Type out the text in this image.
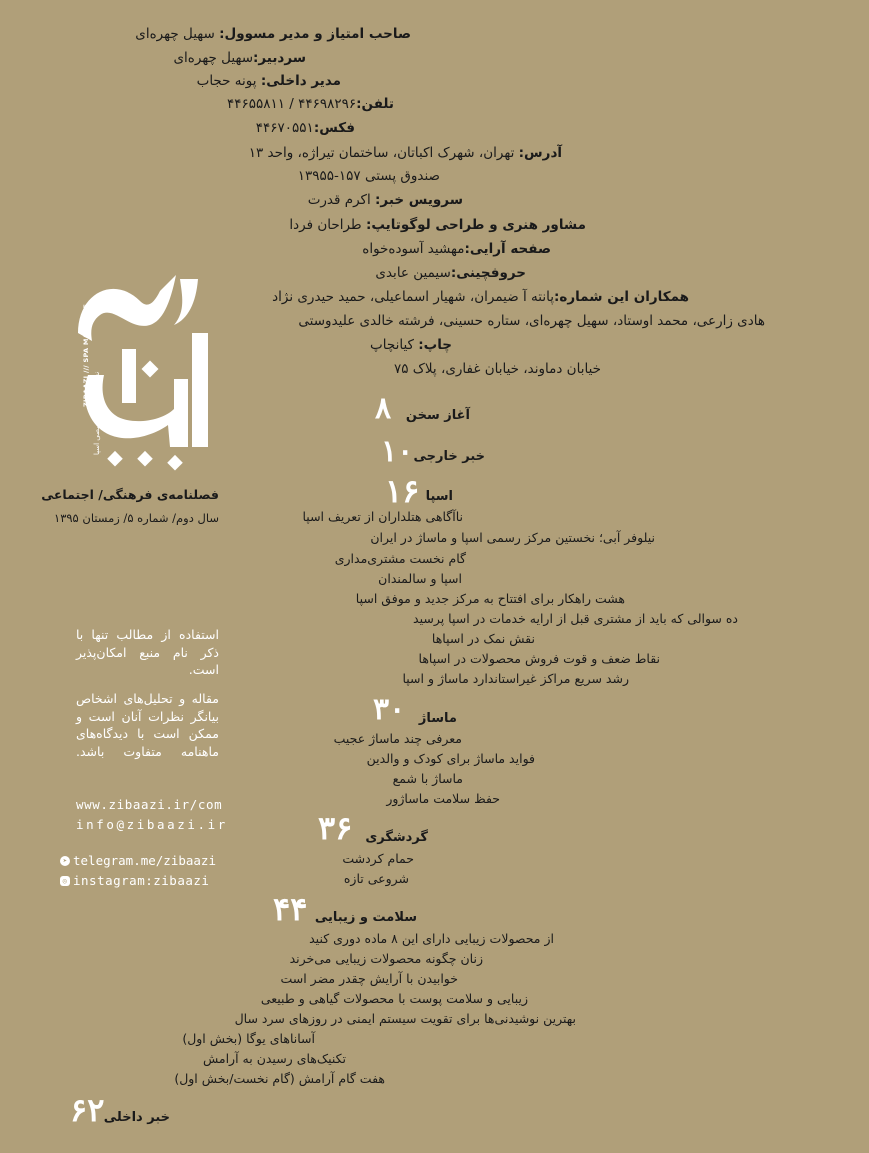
صاحب امتیاز و مدیر مسوول: سهیل چهره‌ای
سردبیر:سهیل چهره‌ای
مدیر داخلی: پونه حجاب
تلفن:۴۴۶۹۸۲۹۶ / ۴۴۶۵۵۸۱۱
فکس:۴۴۶۷۰۵۵۱
آدرس: تهران، شهرک اکباتان، ساختمان تیراژه، واحد ۱۳
صندوق پستی ۱۵۷-۱۳۹۵۵
سرویس خبر: اکرم قدرت
مشاور هنری و طراحی لوگوتایپ: طراحان فردا
صفحه آرایی:مهشید آسوده‌خواه
حروفچینی:سیمین عابدی
همکاران این شماره:پانته آ ضیمران، شهیار اسماعیلی، حمید حیدری نژاد
هادی زارعی، محمد اوستاد، سهیل چهره‌ای، ستاره حسینی، فرشته خالدی علیدوستی
چاپ: کیانچاپ
خیابان دماوند، خیابان غفاری، پلاک ۷۵
ZIBAAZI /// SPA MAGAZINE
نخستین نشریه تخصصی اسپا
فصلنامه‌ی فرهنگی/ اجتماعی
سال دوم/ شماره ۵/ زمستان ۱۳۹۵
استفاده از مطالب تنها با ذکر نام منبع امکان‌پذیر است.
مقاله و تحلیل‌های اشخاص بیانگر نظرات آنان است و ممکن است با دیدگاه‌های ماهنامه متفاوت باشد.
www.zibaazi.ir/com
info@zibaazi.ir
➤ telegram.me/zibaazi
◎ instagram:zibaazi
۸ آغاز سخن
۱۰ خبر خارجی
۱۶ اسپا
ناآگاهی هتلداران از تعریف اسپا
نیلوفر آبی؛ نخستین مرکز رسمی اسپا و ماساژ در ایران
گام نخست مشتری‌مداری
اسپا و سالمندان
هشت راهکار برای افتتاح به مرکز جدید و موفق اسپا
ده سوالی که باید از مشتری قبل از ارایه خدمات در اسپا پرسید
نقش نمک در اسپاها
نقاط ضعف و قوت فروش محصولات در اسپاها
رشد سریع مراکز غیراستاندارد ماساژ و اسپا
۳۰ ماساژ
معرفی چند ماساژ عجیب
فواید ماساژ برای کودک و والدین
ماساژ با شمع
حفظ سلامت ماساژور
۳۶ گردشگری
حمام کردشت
شروعی تازه
۴۴ سلامت و زیبایی
از محصولات زیبایی دارای این ۸ ماده دوری کنید
زنان چگونه محصولات زیبایی می‌خرند
خوابیدن با آرایش چقدر مضر است
زیبایی و سلامت پوست با محصولات گیاهی و طبیعی
بهترین نوشیدنی‌ها برای تقویت سیستم ایمنی در روزهای سرد سال
آساناهای یوگا (بخش اول)
تکنیک‌های رسیدن به آرامش
هفت گام آرامش (گام نخست/بخش اول)
۶۲ خبر داخلی
